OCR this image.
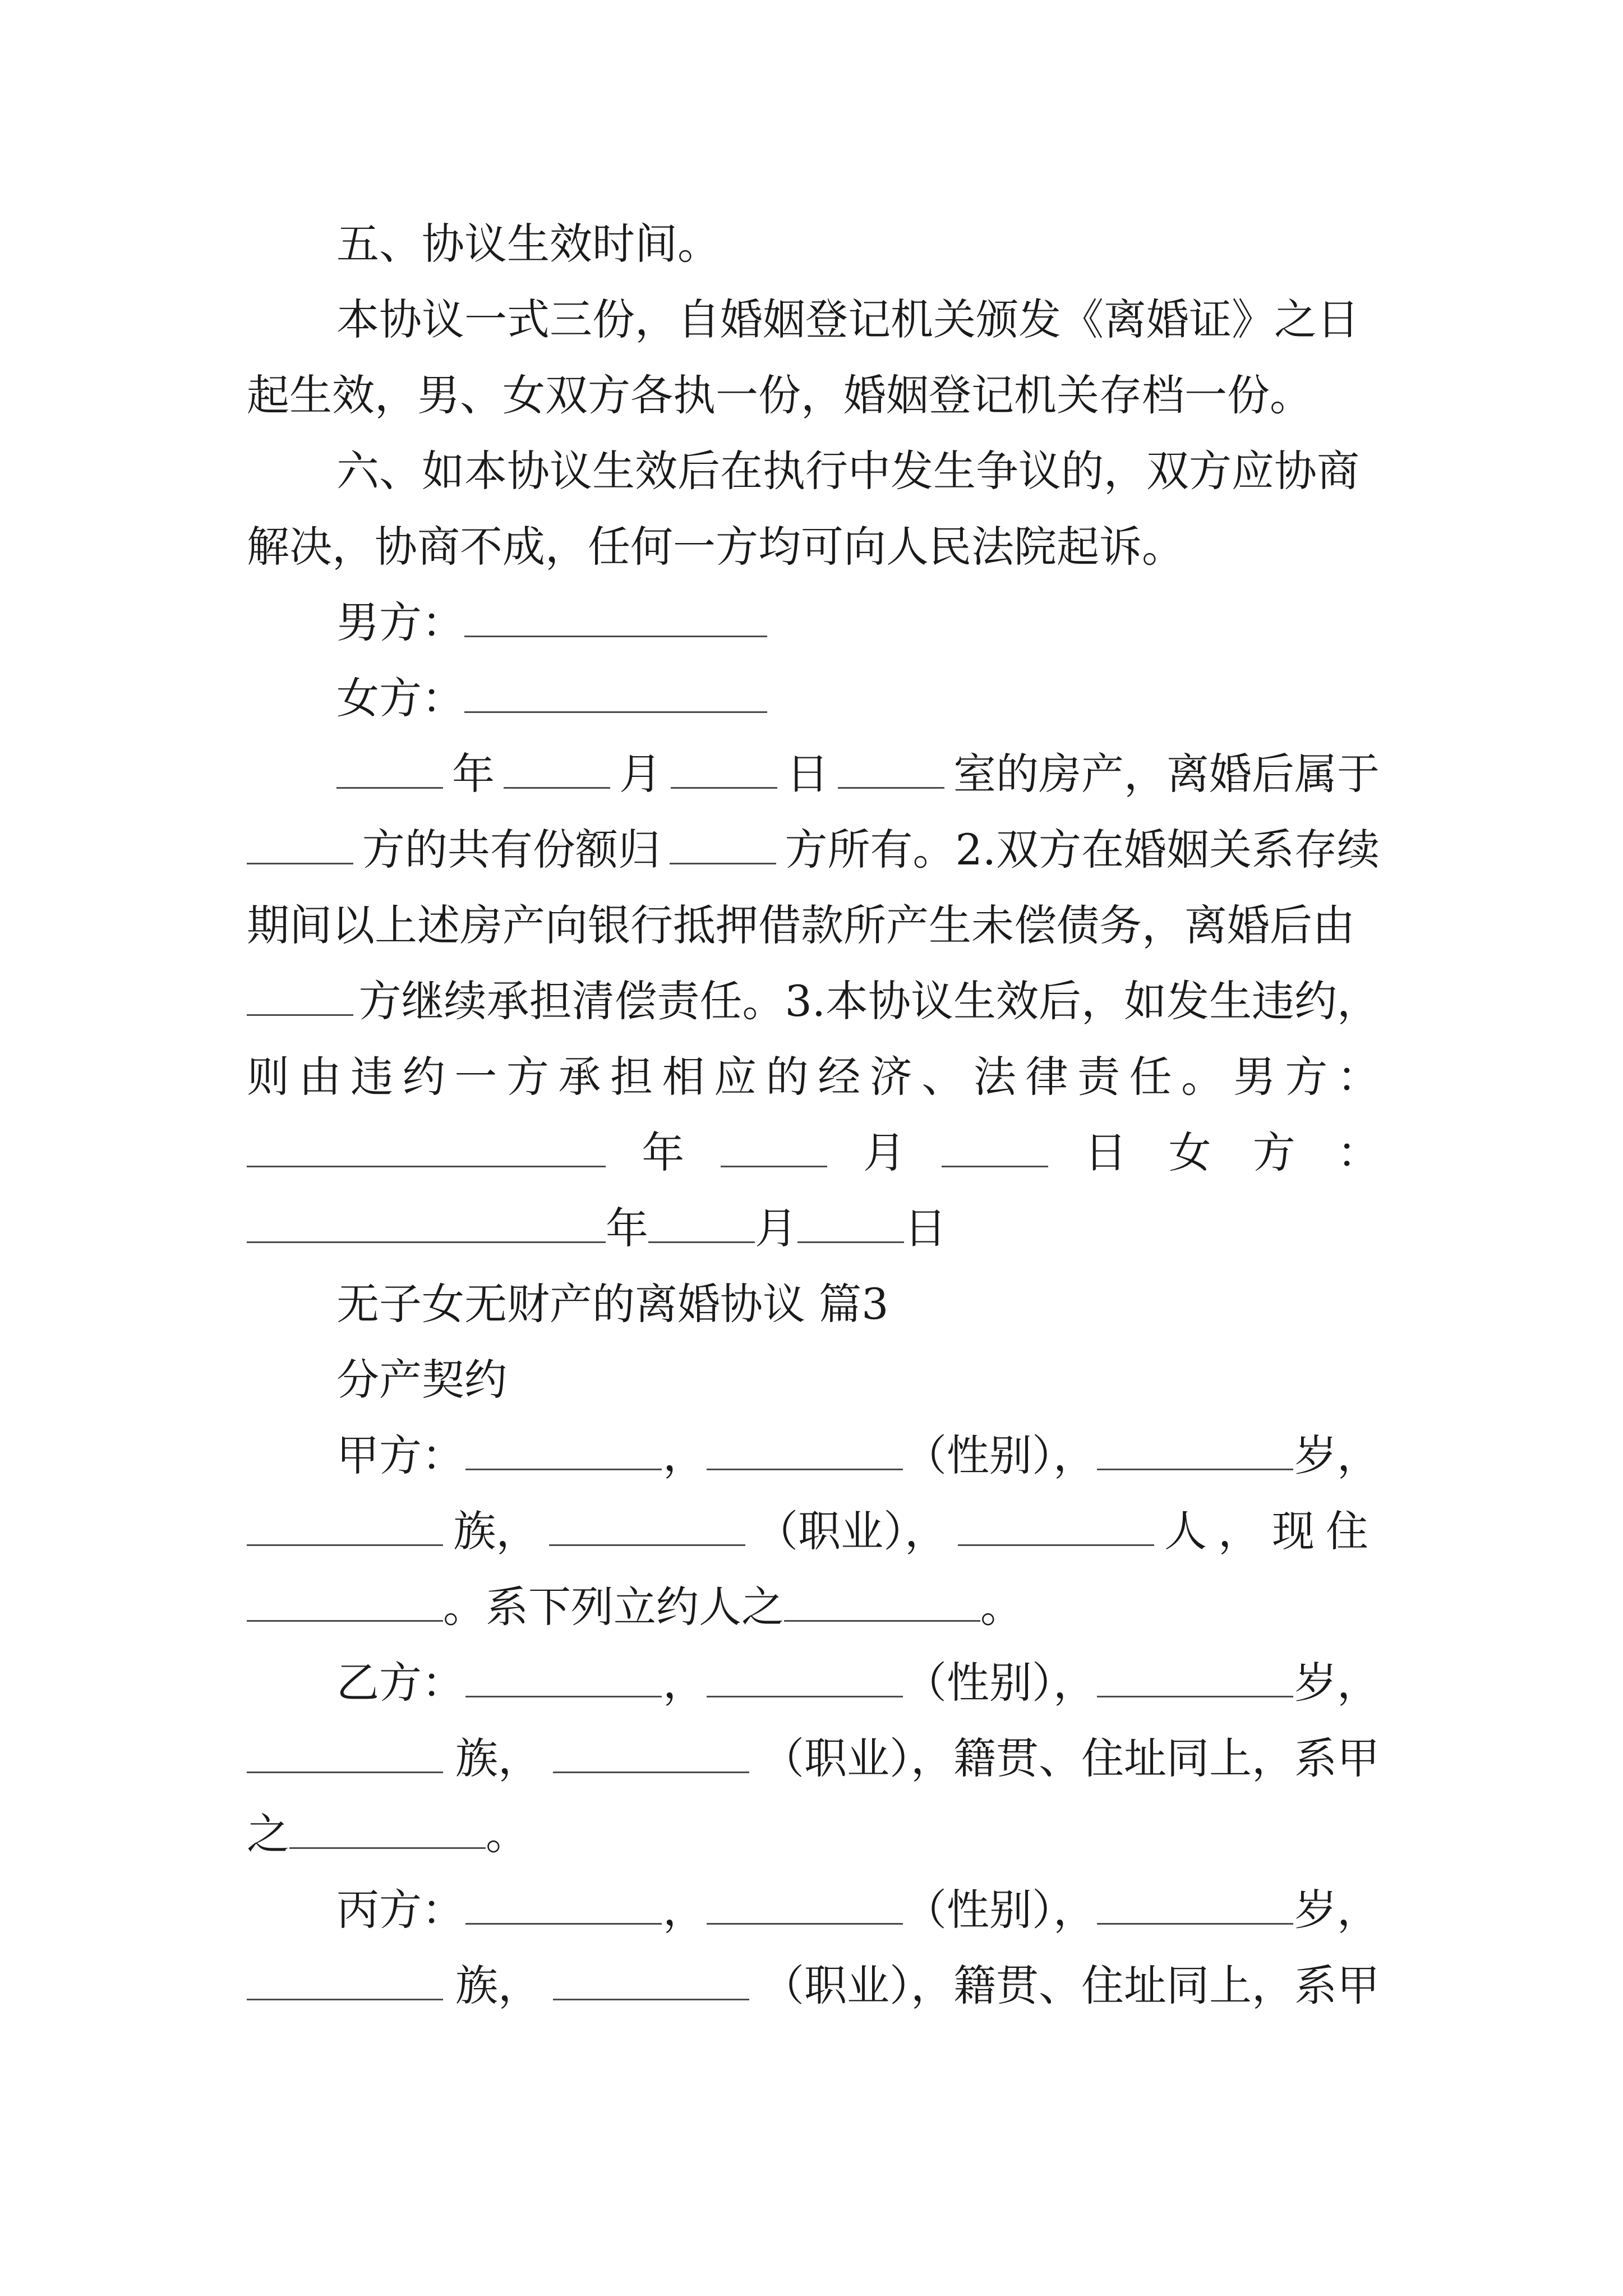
五、协议生效时间。
本协议一式三份，自婚姻登记机关颁发《离婚证》之日
起生效，男、女双方各执一份，婚姻登记机关存档一份。
六、如本协议生效后在执行中发生争议的，双方应协商
解决，协商不成，任何一方均可向人民法院起诉。
男方：
女方：
年	月	日	室的房产，离婚后属于
方的共有份额归	方所有。2.双方在婚姻关系存续
期间以上述房产向银行抵押借款所产生未偿债务，离婚后由
方继续承担清偿责任。3.本协议生效后，如发生违约，
则 由 违 约 一 方 承 担 相 应 的 经 济 、 法 律 责 任 。 男 方 ：
年	月	日 女 方 ：
年	月	日
无子女无财产的离婚协议 篇3
分产契约
甲方：	，	（性别），	岁，
族，	（职业），	人，现住
。系下列立约人之	。
乙方：	，	（性别），	岁，
族，	（职业），籍贯、住址同上，系甲
之	。
丙方：	，	（性别），	岁，
族，	（职业），籍贯、住址同上，系甲
